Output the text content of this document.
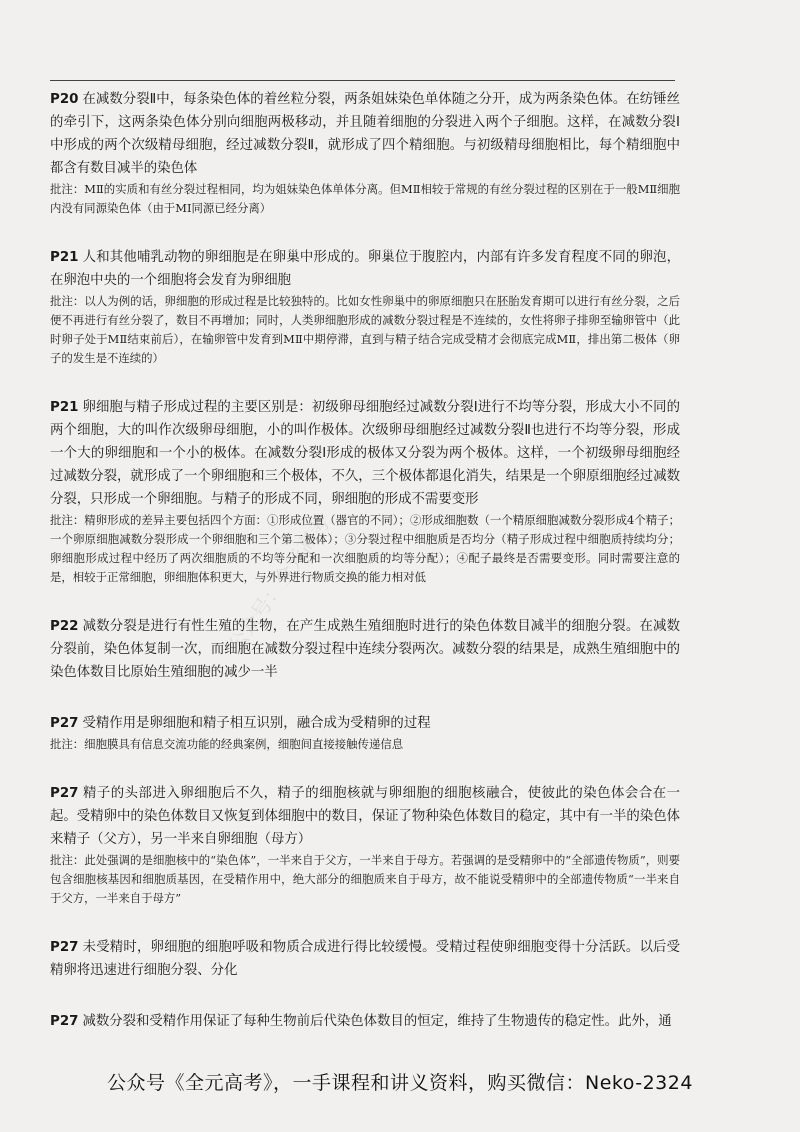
P20 在减数分裂Ⅱ中，每条染色体的着丝粒分裂，两条姐妹染色单体随之分开，成为两条染色体。在纺锤丝的牵引下，这两条染色体分别向细胞两极移动，并且随着细胞的分裂进入两个子细胞。这样，在减数分裂Ⅰ中形成的两个次级精母细胞，经过减数分裂Ⅱ，就形成了四个精细胞。与初级精母细胞相比，每个精细胞中都含有数目减半的染色体

批注：MⅡ的实质和有丝分裂过程相同，均为姐妹染色体单体分离。但MⅡ相较于常规的有丝分裂过程的区别在于一般MⅡ细胞内没有同源染色体（由于MⅠ同源已经分离）

P21 人和其他哺乳动物的卵细胞是在卵巢中形成的。卵巢位于腹腔内，内部有许多发育程度不同的卵泡，在卵泡中央的一个细胞将会发育为卵细胞

批注：以人为例的话，卵细胞的形成过程是比较独特的。比如女性卵巢中的卵原细胞只在胚胎发育期可以进行有丝分裂，之后便不再进行有丝分裂了，数目不再增加；同时，人类卵细胞形成的减数分裂过程是不连续的，女性将卵子排卵至输卵管中（此时卵子处于MⅡ结束前后），在输卵管中发育到MⅡ中期停滞，直到与精子结合完成受精才会彻底完成MⅡ，排出第二极体（卵子的发生是不连续的）

P21 卵细胞与精子形成过程的主要区别是：初级卵母细胞经过减数分裂Ⅰ进行不均等分裂，形成大小不同的两个细胞，大的叫作次级卵母细胞，小的叫作极体。次级卵母细胞经过减数分裂Ⅱ也进行不均等分裂，形成一个大的卵细胞和一个小的极体。在减数分裂Ⅰ形成的极体又分裂为两个极体。这样，一个初级卵母细胞经过减数分裂，就形成了一个卵细胞和三个极体，不久，三个极体都退化消失，结果是一个卵原细胞经过减数分裂，只形成一个卵细胞。与精子的形成不同，卵细胞的形成不需要变形

批注：精卵形成的差异主要包括四个方面：①形成位置（器官的不同）；②形成细胞数（一个精原细胞减数分裂形成4个精子；一个卵原细胞减数分裂形成一个卵细胞和三个第二极体）；③分裂过程中细胞质是否均分（精子形成过程中细胞质持续均分；卵细胞形成过程中经历了两次细胞质的不均等分配和一次细胞质的均等分配）；④配子最终是否需要变形。同时需要注意的是，相较于正常细胞，卵细胞体积更大，与外界进行物质交换的能力相对低

P22 减数分裂是进行有性生殖的生物，在产生成熟生殖细胞时进行的染色体数目减半的细胞分裂。在减数分裂前，染色体复制一次，而细胞在减数分裂过程中连续分裂两次。减数分裂的结果是，成熟生殖细胞中的染色体数目比原始生殖细胞的减少一半

P27 受精作用是卵细胞和精子相互识别，融合成为受精卵的过程

批注：细胞膜具有信息交流功能的经典案例，细胞间直接接触传递信息

P27 精子的头部进入卵细胞后不久，精子的细胞核就与卵细胞的细胞核融合，使彼此的染色体会合在一起。受精卵中的染色体数目又恢复到体细胞中的数目，保证了物种染色体数目的稳定，其中有一半的染色体来精子（父方），另一半来自卵细胞（母方）

批注：此处强调的是细胞核中的“染色体”，一半来自于父方，一半来自于母方。若强调的是受精卵中的“全部遗传物质”，则要包含细胞核基因和细胞质基因，在受精作用中，绝大部分的细胞质来自于母方，故不能说受精卵中的全部遗传物质“一半来自于父方，一半来自于母方”

P27 未受精时，卵细胞的细胞呼吸和物质合成进行得比较缓慢。受精过程使卵细胞变得十分活跃。以后受精卵将迅速进行细胞分裂、分化

P27 减数分裂和受精作用保证了每种生物前后代染色体数目的恒定，维持了生物遗传的稳定性。此外，通

公众号：全元高考
公众号《全元高考》，一手课程和讲义资料，购买微信：Neko-2324
